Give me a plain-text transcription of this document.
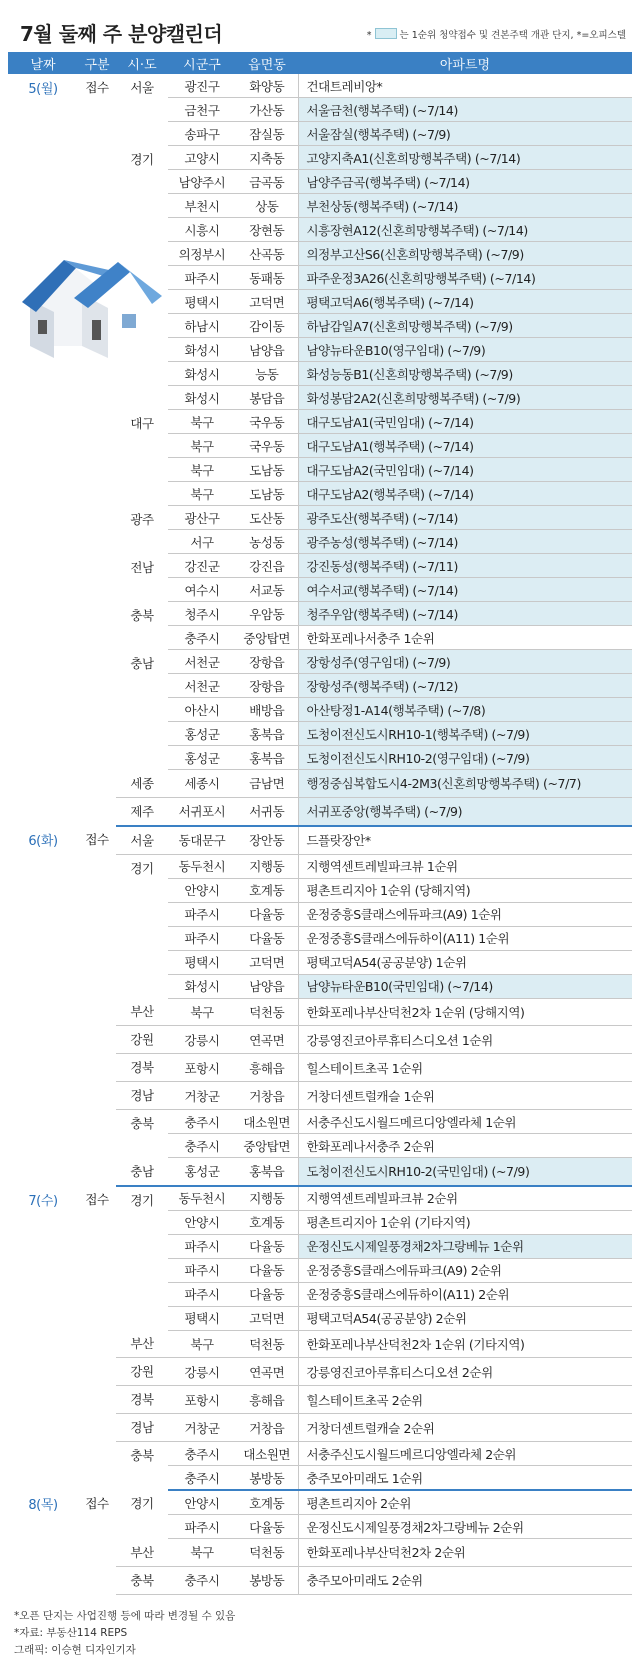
7월 둘째 주 분양캘린더	*	는 1순위 청약접수 및 견본주택 개관 단지, *=오피스텔
날짜	구분	시·도	시군구	읍면동	아파트명
5(월)	접수	서울	광진구	화양동	건대트레비앙*
			금천구	가산동	서울금천(행복주택) (~7/14)
			송파구	잠실동	서울잠실(행복주택) (~7/9)
		경기	고양시	지축동	고양지축A1(신혼희망행복주택) (~7/14)
			남양주시	금곡동	남양주금곡(행복주택) (~7/14)
			부천시	상동	부천상동(행복주택) (~7/14)
			시흥시	장현동	시흥장현A12(신혼희망행복주택) (~7/14)
			의정부시	산곡동	의정부고산S6(신혼희망행복주택) (~7/9)
			파주시	동패동	파주운정3A26(신혼희망행복주택) (~7/14)
			평택시	고덕면	평택고덕A6(행복주택) (~7/14)
			하남시	감이동	하남감일A7(신혼희망행복주택) (~7/9)
			화성시	남양읍	남양뉴타운B10(영구임대) (~7/9)
			화성시	능동	화성능동B1(신혼희망행복주택) (~7/9)
			화성시	봉담읍	화성봉담2A2(신혼희망행복주택) (~7/9)
		대구	북구	국우동	대구도남A1(국민임대) (~7/14)
			북구	국우동	대구도남A1(행복주택) (~7/14)
			북구	도남동	대구도남A2(국민임대) (~7/14)
			북구	도남동	대구도남A2(행복주택) (~7/14)
		광주	광산구	도산동	광주도산(행복주택) (~7/14)
			서구	농성동	광주농성(행복주택) (~7/14)
		전남	강진군	강진읍	강진동성(행복주택) (~7/11)
			여수시	서교동	여수서교(행복주택) (~7/14)
		충북	청주시	우암동	청주우암(행복주택) (~7/14)
			충주시	중앙탑면	한화포레나서충주 1순위
		충남	서천군	장항읍	장항성주(영구임대) (~7/9)
			서천군	장항읍	장항성주(행복주택) (~7/12)
			아산시	배방읍	아산탕정1-A14(행복주택) (~7/8)
			홍성군	홍북읍	도청이전신도시RH10-1(행복주택) (~7/9)
			홍성군	홍북읍	도청이전신도시RH10-2(영구임대) (~7/9)
		세종	세종시	금남면	행정중심복합도시4-2M3(신혼희망행복주택) (~7/7)
		제주	서귀포시	서귀동	서귀포중앙(행복주택) (~7/9)
6(화)	접수	서울	동대문구	장안동	드플랏장안*
		경기	동두천시	지행동	지행역센트레빌파크뷰 1순위
			안양시	호계동	평촌트리지아 1순위 (당해지역)
			파주시	다율동	운정중흥S클래스에듀파크(A9) 1순위
			파주시	다율동	운정중흥S클래스에듀하이(A11) 1순위
			평택시	고덕면	평택고덕A54(공공분양) 1순위
			화성시	남양읍	남양뉴타운B10(국민임대) (~7/14)
		부산	북구	덕천동	한화포레나부산덕천2차 1순위 (당해지역)
		강원	강릉시	연곡면	강릉영진코아루휴티스디오션 1순위
		경북	포항시	흥해읍	힐스테이트초곡 1순위
		경남	거창군	거창읍	거창더센트럴캐슬 1순위
		충북	충주시	대소원면	서충주신도시월드메르디앙엘라체 1순위
			충주시	중앙탑면	한화포레나서충주 2순위
		충남	홍성군	홍북읍	도청이전신도시RH10-2(국민임대) (~7/9)
7(수)	접수	경기	동두천시	지행동	지행역센트레빌파크뷰 2순위
			안양시	호계동	평촌트리지아 1순위 (기타지역)
			파주시	다율동	운정신도시제일풍경채2차그랑베뉴 1순위
			파주시	다율동	운정중흥S클래스에듀파크(A9) 2순위
			파주시	다율동	운정중흥S클래스에듀하이(A11) 2순위
			평택시	고덕면	평택고덕A54(공공분양) 2순위
		부산	북구	덕천동	한화포레나부산덕천2차 1순위 (기타지역)
		강원	강릉시	연곡면	강릉영진코아루휴티스디오션 2순위
		경북	포항시	흥해읍	힐스테이트초곡 2순위
		경남	거창군	거창읍	거창더센트럴캐슬 2순위
		충북	충주시	대소원면	서충주신도시월드메르디앙엘라체 2순위
			충주시	봉방동	충주모아미래도 1순위
8(목)	접수	경기	안양시	호계동	평촌트리지아 2순위
			파주시	다율동	운정신도시제일풍경채2차그랑베뉴 2순위
		부산	북구	덕천동	한화포레나부산덕천2차 2순위
		충북	충주시	봉방동	충주모아미래도 2순위
*오픈 단지는 사업진행 등에 따라 변경될 수 있음
*자료: 부동산114 REPS
그래픽: 이승현 디자인기자
